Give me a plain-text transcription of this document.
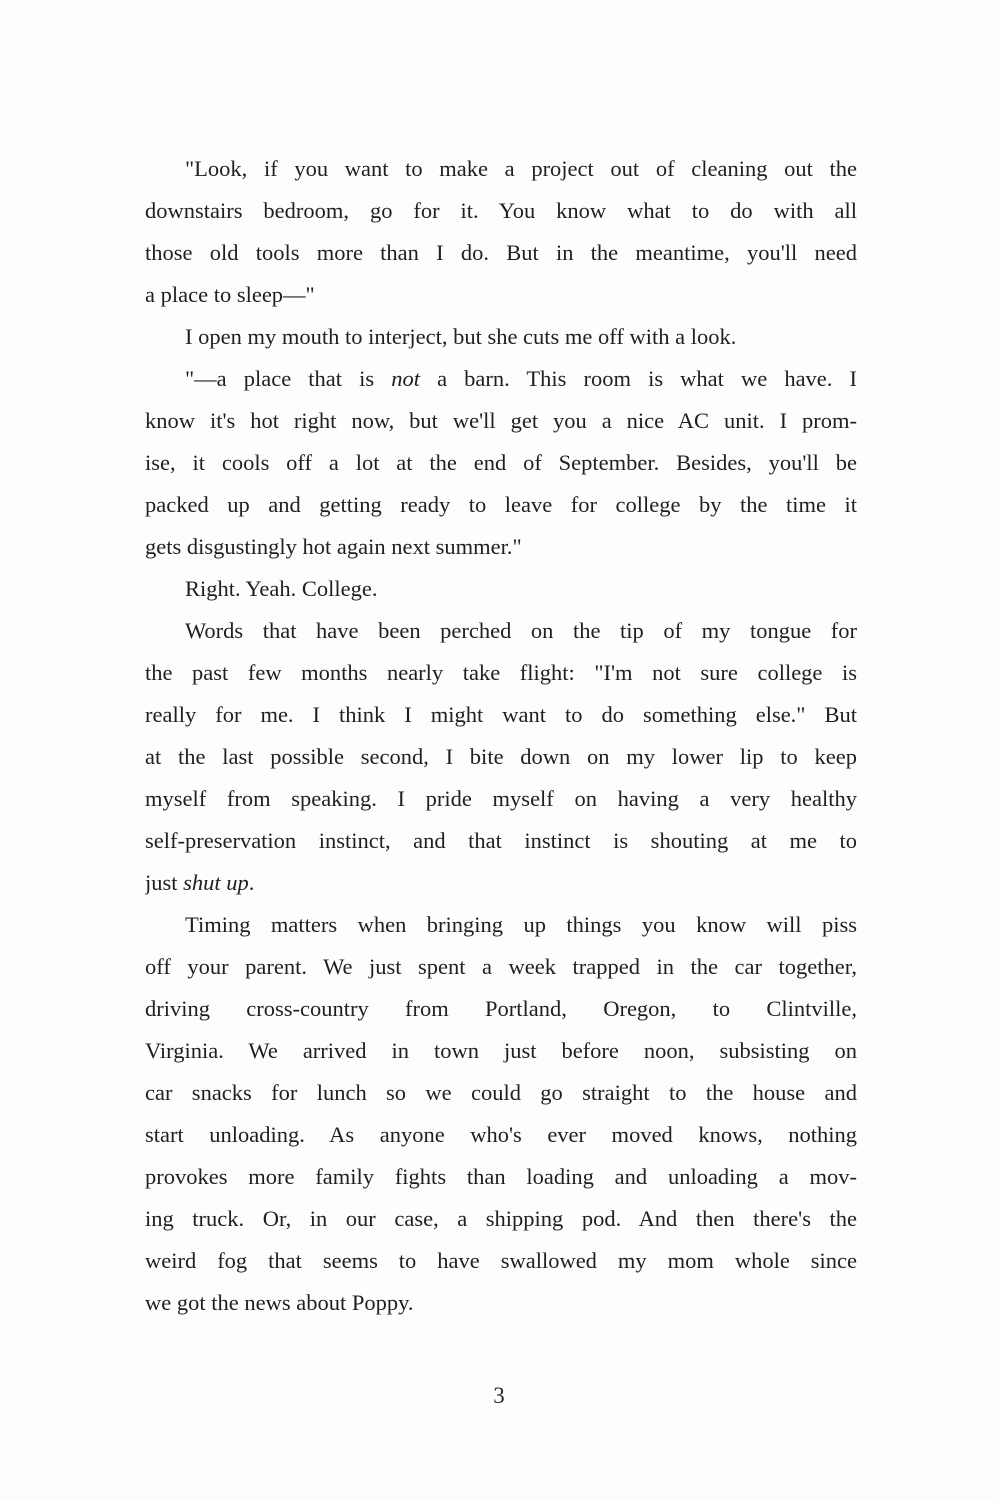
"Look, if you want to make a project out of cleaning out the
downstairs bedroom, go for it. You know what to do with all
those old tools more than I do. But in the meantime, you'll need
a place to sleep—"
I open my mouth to interject, but she cuts me off with a look.
"—a place that is not a barn. This room is what we have. I
know it's hot right now, but we'll get you a nice AC unit. I prom-
ise, it cools off a lot at the end of September. Besides, you'll be
packed up and getting ready to leave for college by the time it
gets disgustingly hot again next summer."
Right. Yeah. College.
Words that have been perched on the tip of my tongue for
the past few months nearly take flight: "I'm not sure college is
really for me. I think I might want to do something else." But
at the last possible second, I bite down on my lower lip to keep
myself from speaking. I pride myself on having a very healthy
self-preservation instinct, and that instinct is shouting at me to
just shut up.
Timing matters when bringing up things you know will piss
off your parent. We just spent a week trapped in the car together,
driving cross-country from Portland, Oregon, to Clintville,
Virginia. We arrived in town just before noon, subsisting on
car snacks for lunch so we could go straight to the house and
start unloading. As anyone who's ever moved knows, nothing
provokes more family fights than loading and unloading a mov-
ing truck. Or, in our case, a shipping pod. And then there's the
weird fog that seems to have swallowed my mom whole since
we got the news about Poppy.
3
